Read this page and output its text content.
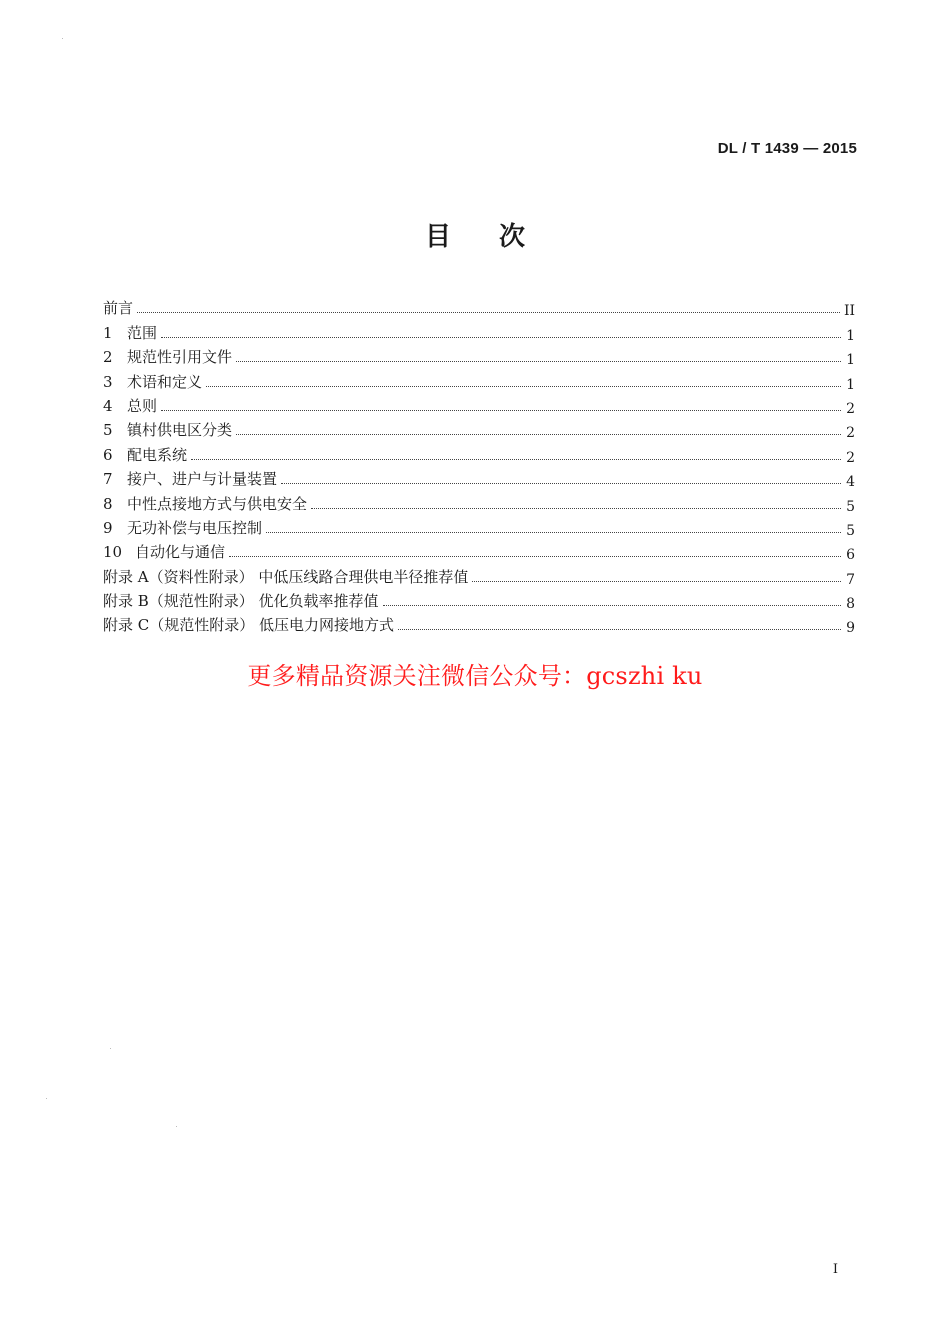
DL / T 1439 — 2015
目 次
前言	II
1 范围	1
2 规范性引用文件	1
3 术语和定义	1
4 总则	2
5 镇村供电区分类	2
6 配电系统	2
7 接户、进户与计量装置	4
8 中性点接地方式与供电安全	5
9 无功补偿与电压控制	5
10 自动化与通信	6
附录 A（资料性附录） 中低压线路合理供电半径推荐值	7
附录 B（规范性附录） 优化负载率推荐值	8
附录 C（规范性附录） 低压电力网接地方式	9
更多精品资源关注微信公众号：gcszhi ku
I
